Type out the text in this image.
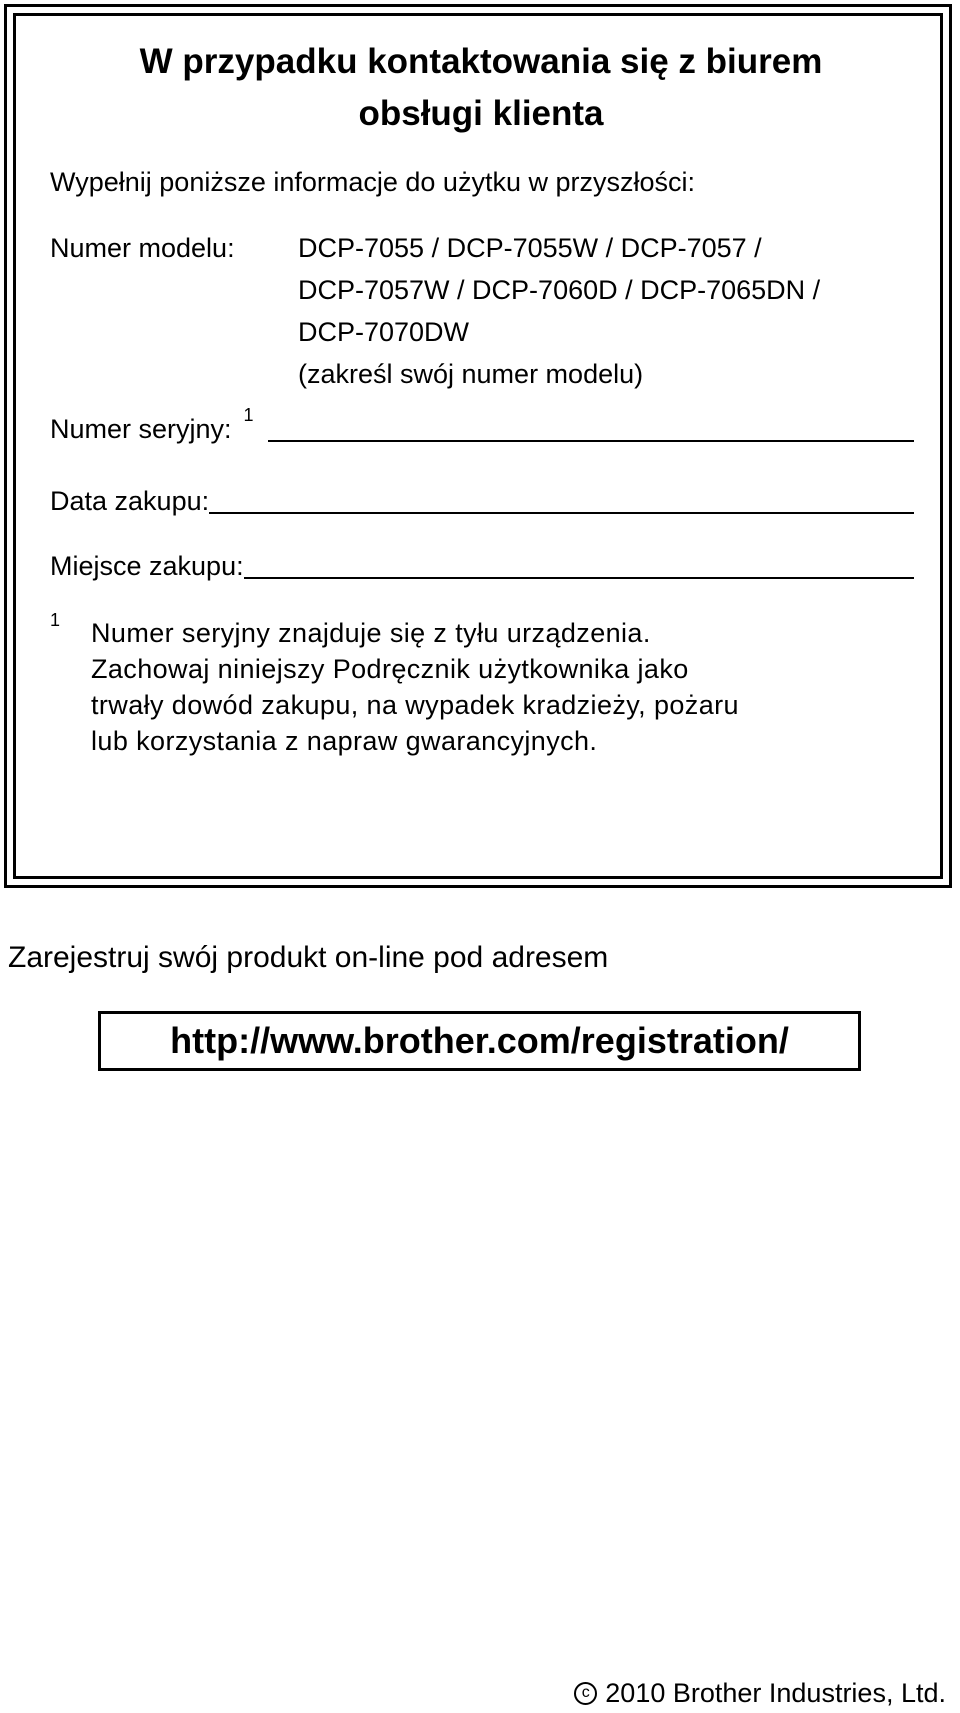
W przypadku kontaktowania się z biurem
obsługi klienta
Wypełnij poniższe informacje do użytku w przyszłości:
Numer modelu: DCP-7055 / DCP-7055W / DCP-7057 /
DCP-7057W / DCP-7060D / DCP-7065DN /
DCP-7070DW
(zakreśl swój numer modelu)
Numer seryjny: $^1$
Data zakupu:
Miejsce zakupu:
1 Numer seryjny znajduje się z tyłu urządzenia.
Zachowaj niniejszy Podręcznik użytkownika jako
trwały dowód zakupu, na wypadek kradzieży, pożaru
lub korzystania z napraw gwarancyjnych.
Zarejestruj swój produkt on-line pod adresem
http://www.brother.com/registration/
c
2010 Brother Industries, Ltd.
